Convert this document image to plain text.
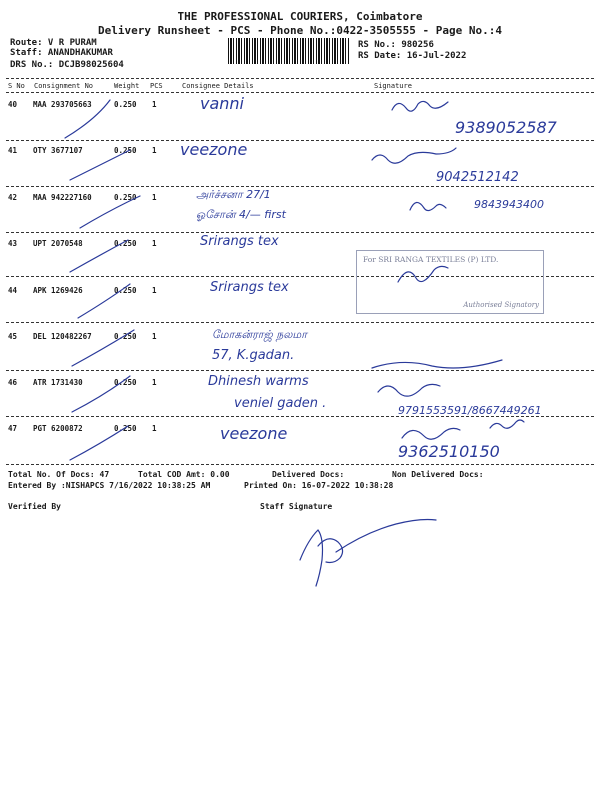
THE PROFESSIONAL COURIERS, Coimbatore
Delivery Runsheet - PCS - Phone No.:0422-3505555 - Page No.:4
Route: V R PURAM
Staff: ANANDHAKUMAR
DRS No.: DCJB98025604
RS No.: 980256
RS Date: 16-Jul-2022
S No Consignment No	Weight PCS	Consignee Details	Signature
40 MAA 293705663	0.250 1	vanni
9389052587
41 OTY 3677107	0.250 1 veezone
9042512142
42 MAA 942227160	0.250 1	அர்ச்சனா 27/1
ஓசோன் 4/— first
9843943400
43 UPT 2070548	0.250 1	Srirangs tex
44 APK 1269426	0.250 1	Srirangs tex
For SRI RANGA TEXTILES (P) LTD.
Authorised Signatory
45 DEL 120482267	0.250 1	மோகன்ராஜ் நலமா
57, K.gadan.
46 ATR 1731430	0.250 1	Dhinesh warms
veniel gaden .	9791553591/8667449261
47 PGT 6200872	0.250 1	veezone
9362510150
Total No. Of Docs: 47	Total COD Amt: 0.00	Delivered Docs:	Non Delivered Docs:
Entered By :NISHAPCS 7/16/2022 10:38:25 AM	Printed On: 16-07-2022 10:38:28
Verified By	Staff Signature
